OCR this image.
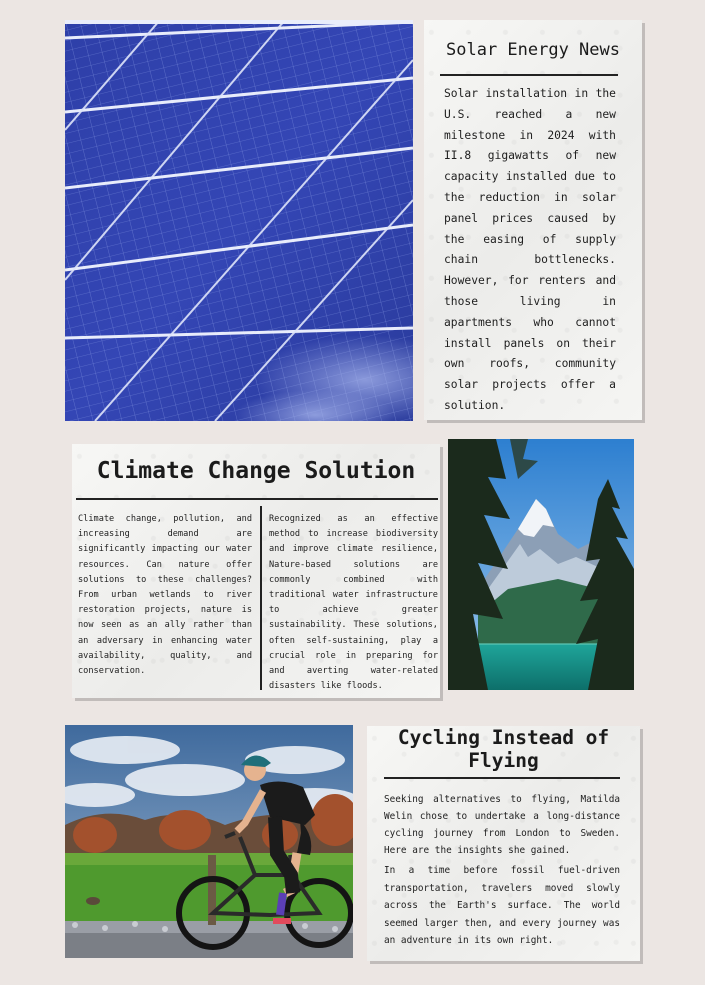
Solar Energy News

Solar installation in the U.S. reached a new milestone in 2024 with II.8 gigawatts of new capacity installed due to the reduction in solar panel prices caused by the easing of supply chain bottlenecks. However, for renters and those living in apartments who cannot install panels on their own roofs, community solar projects offer a solution.

Climate Change Solution

Climate change, pollution, and increasing demand are significantly impacting our water resources. Can nature offer solutions to these challenges? From urban wetlands to river restoration projects, nature is now seen as an ally rather than an adversary in enhancing water availability, quality, and conservation.

Recognized as an effective method to increase biodiversity and improve climate resilience, Nature-based solutions are commonly combined with traditional water infrastructure to achieve greater sustainability. These solutions, often self-sustaining, play a crucial role in preparing for and averting water-related disasters like floods.

Cycling Instead of Flying

Seeking alternatives to flying, Matilda Welin chose to undertake a long-distance cycling journey from London to Sweden. Here are the insights she gained.

In a time before fossil fuel-driven transportation, travelers moved slowly across the Earth's surface. The world seemed larger then, and every journey was an adventure in its own right.
